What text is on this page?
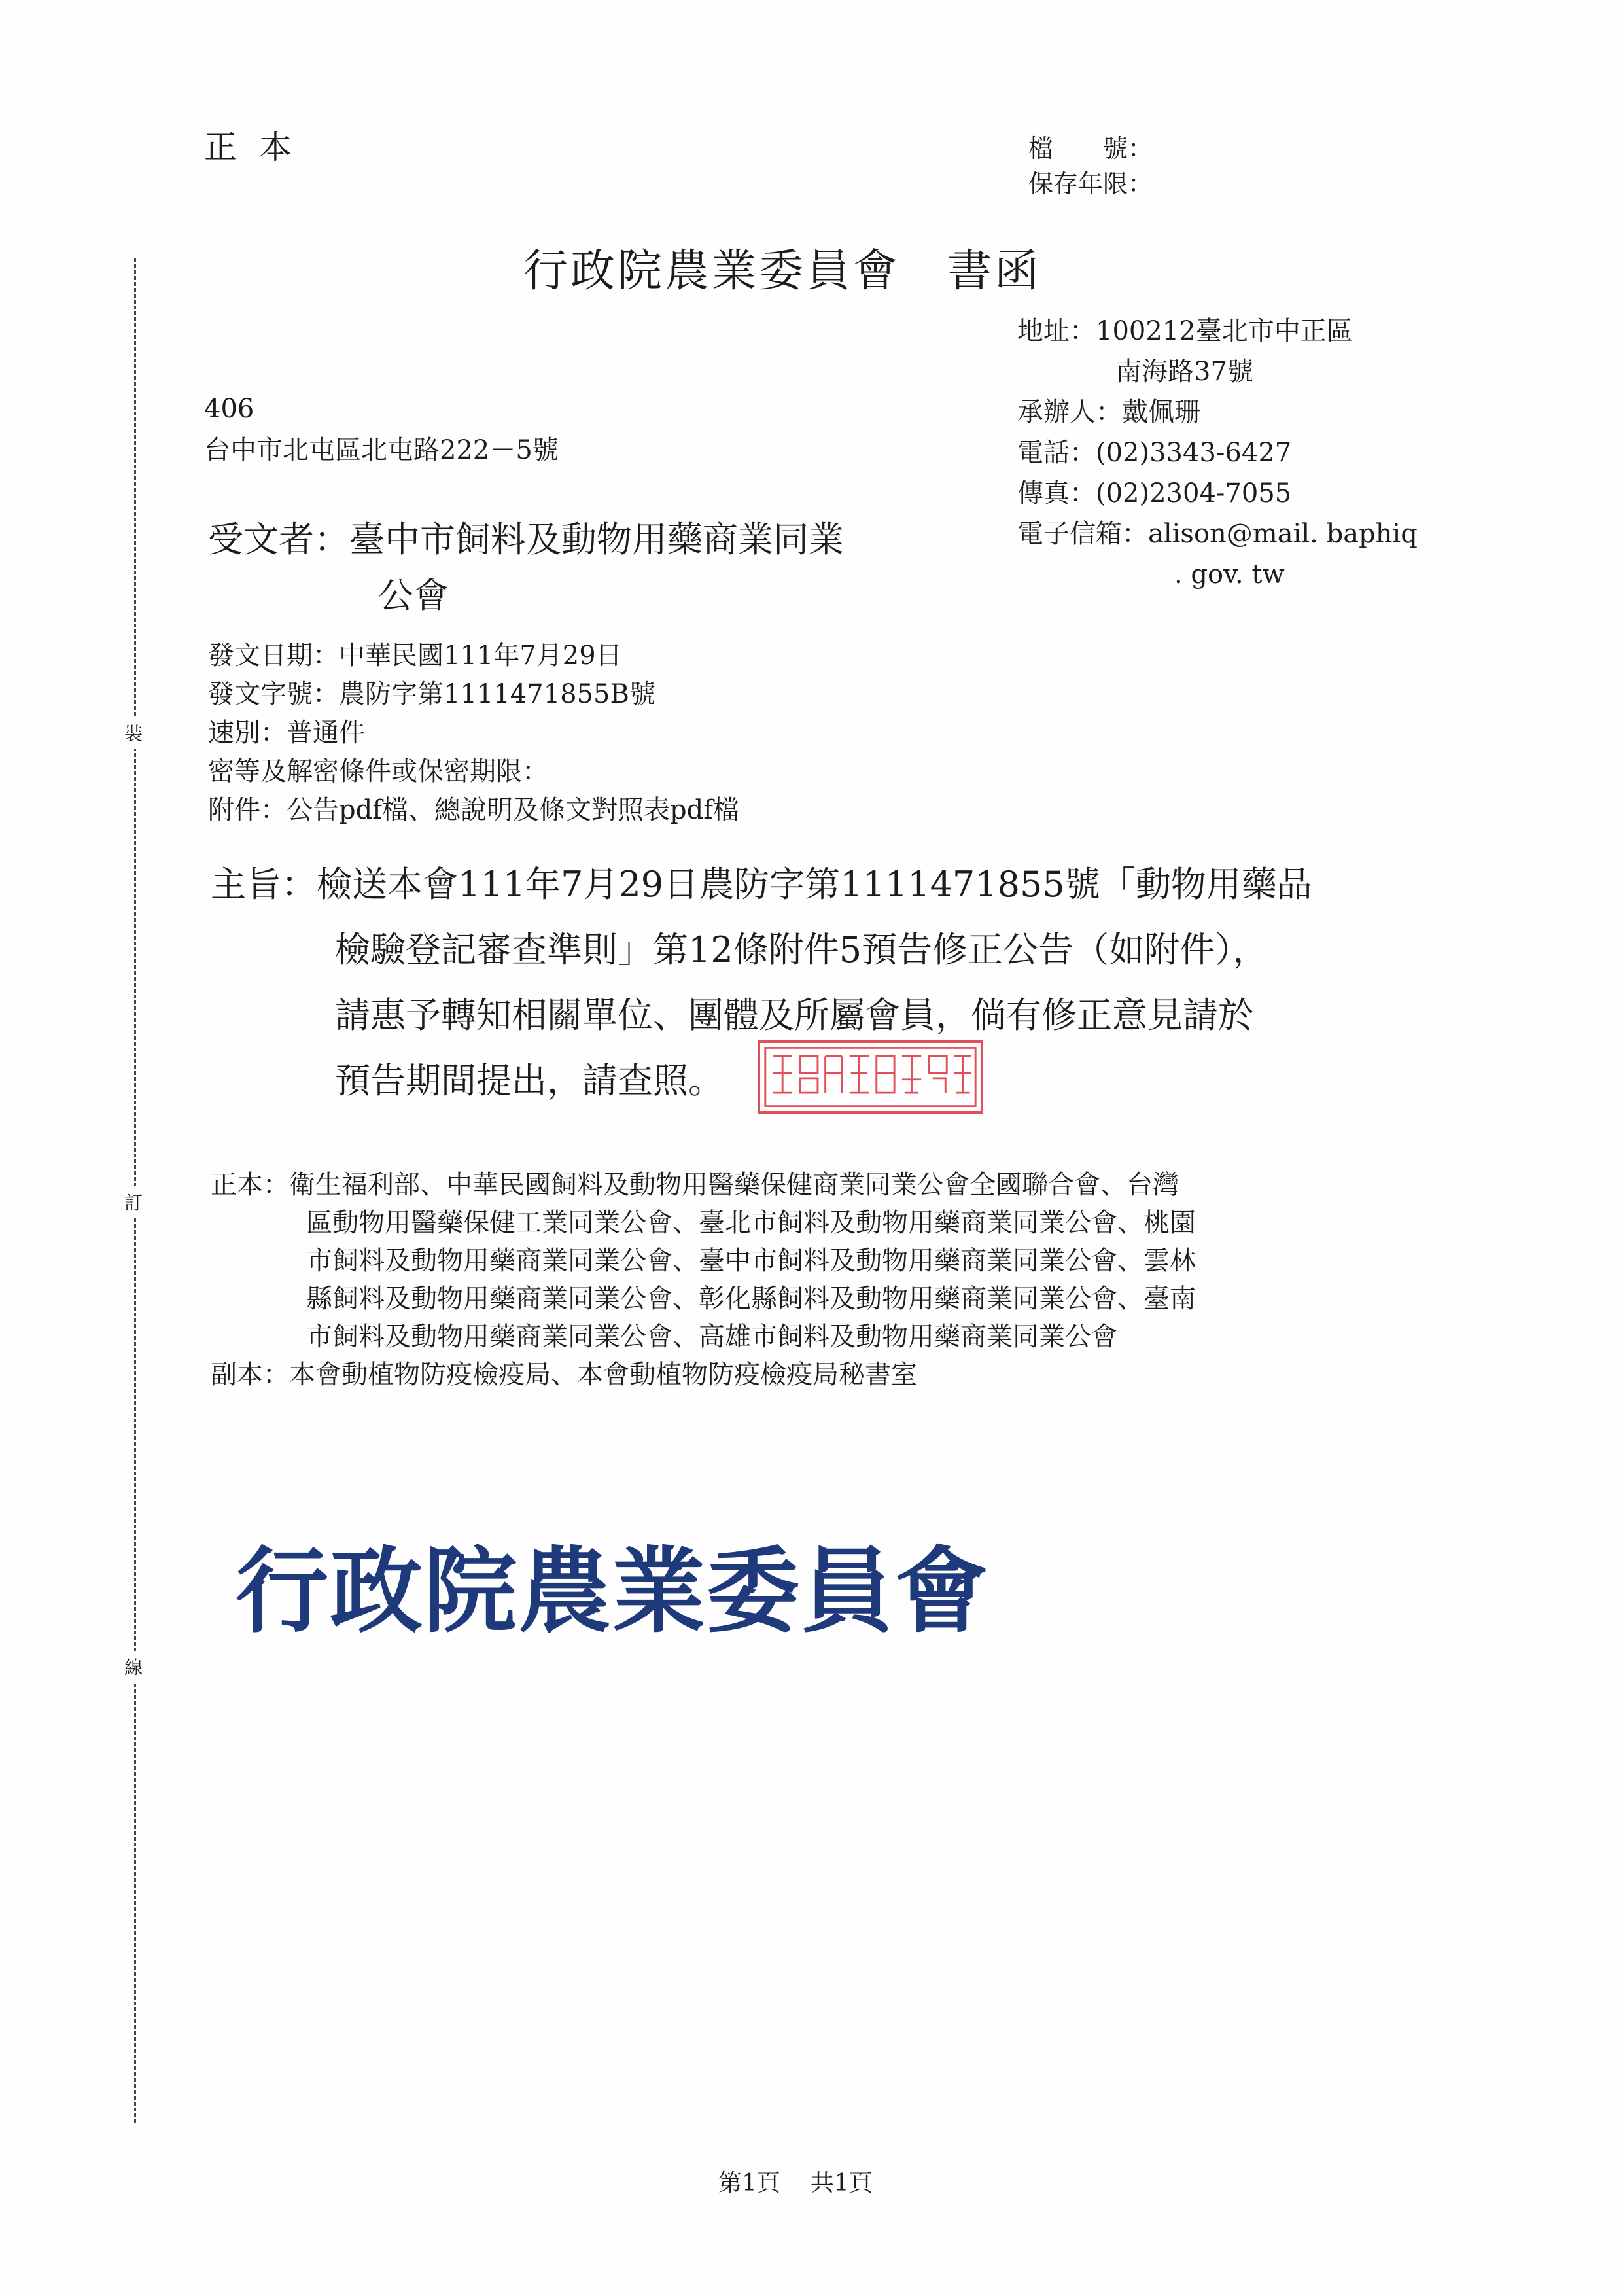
裝
訂
線
正本	檔　　號：
保存年限：
行政院農業委員會　書函
地址： 100212臺北市中正區
南海路37號
承辦人： 戴佩珊
電話： (02)3343-6427
傳真： (02)2304-7055
電子信箱： alison@mail. baphiq
. gov. tw
406
台中市北屯區北屯路222－5號
受文者：臺中市飼料及動物用藥商業同業
公會
發文日期：中華民國111年7月29日
發文字號：農防字第1111471855B號
速別：普通件
密等及解密條件或保密期限：
附件：公告pdf檔、總說明及條文對照表pdf檔
主旨：檢送本會111年7月29日農防字第1111471855號「動物用藥品
檢驗登記審查準則」第12條附件5預告修正公告（如附件），
請惠予轉知相關單位、團體及所屬會員，倘有修正意見請於
預告期間提出，請查照。
正本：衛生福利部、中華民國飼料及動物用醫藥保健商業同業公會全國聯合會、台灣
區動物用醫藥保健工業同業公會、臺北市飼料及動物用藥商業同業公會、桃園
市飼料及動物用藥商業同業公會、臺中市飼料及動物用藥商業同業公會、雲林
縣飼料及動物用藥商業同業公會、彰化縣飼料及動物用藥商業同業公會、臺南
市飼料及動物用藥商業同業公會、高雄市飼料及動物用藥商業同業公會
副本：本會動植物防疫檢疫局、本會動植物防疫檢疫局秘書室
行政院農業委員會
第1頁 共1頁
